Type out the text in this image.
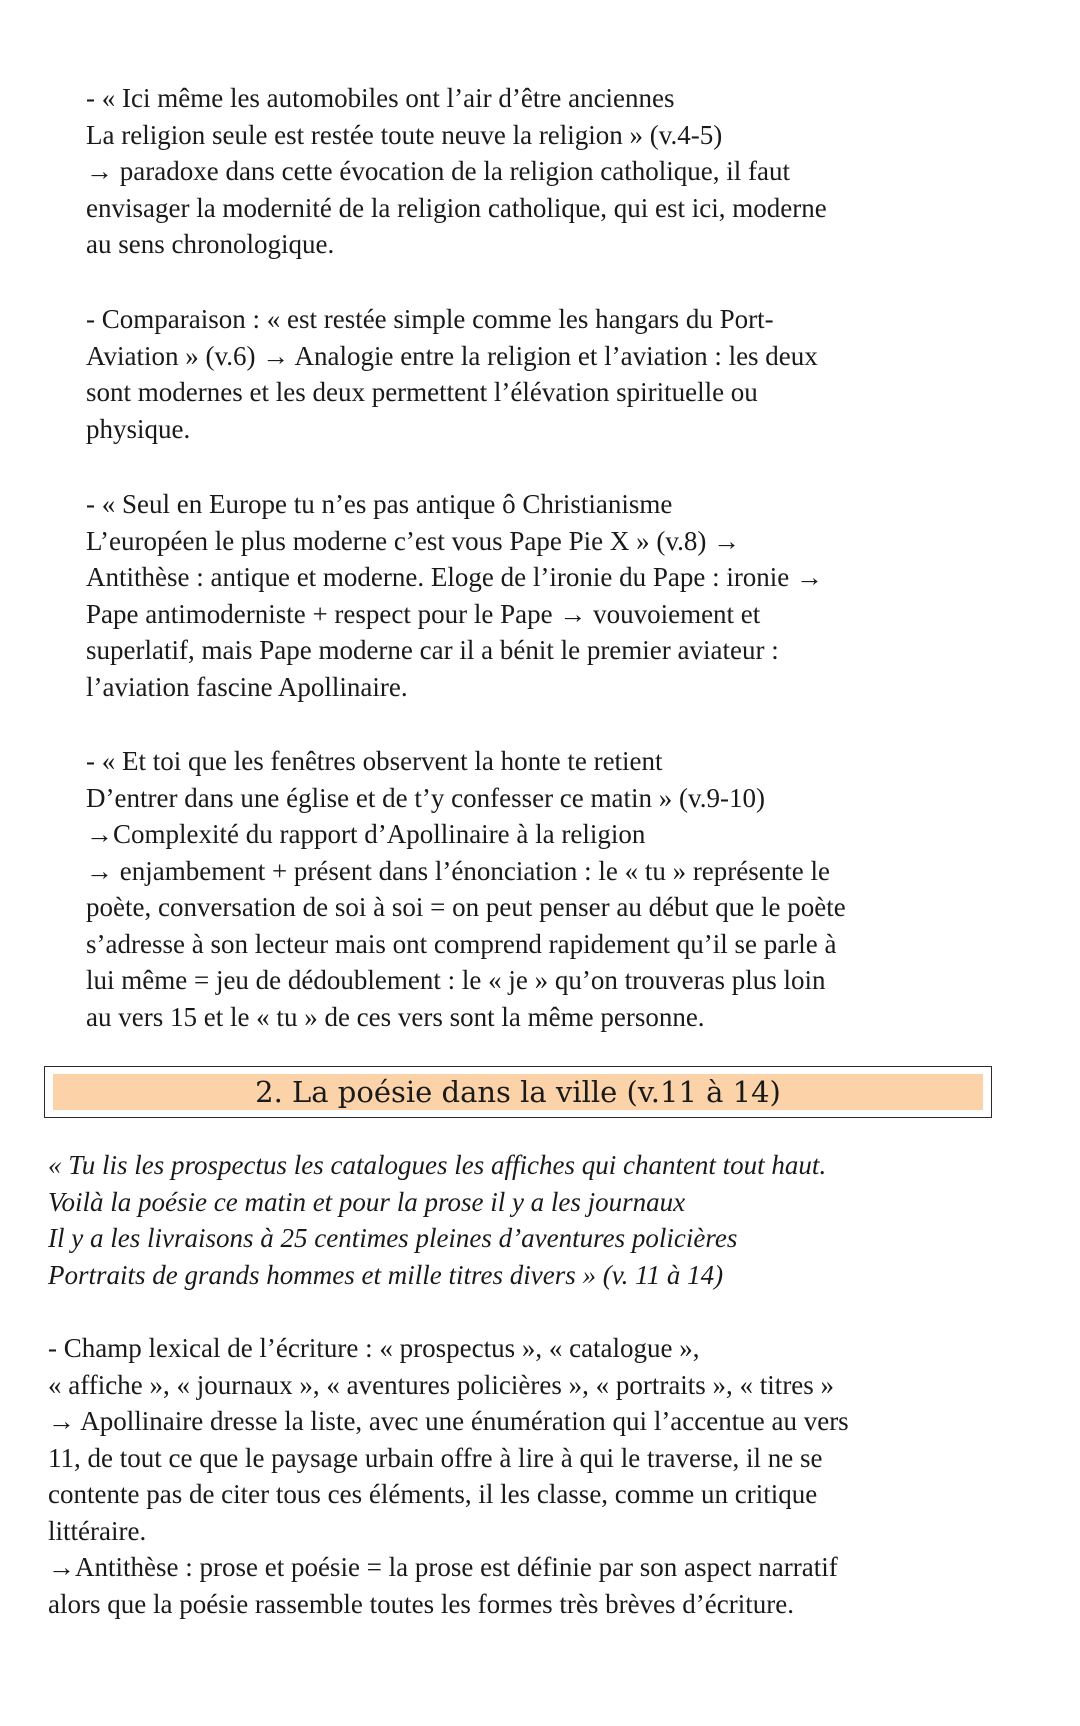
- « Ici même les automobiles ont l’air d’être anciennes

La religion seule est restée toute neuve la religion » (v.4-5)

→ paradoxe dans cette évocation de la religion catholique, il faut

envisager la modernité de la religion catholique, qui est ici, moderne

au sens chronologique.

- Comparaison : « est restée simple comme les hangars du Port-

Aviation » (v.6) → Analogie entre la religion et l’aviation : les deux

sont modernes et les deux permettent l’élévation spirituelle ou

physique.

- « Seul en Europe tu n’es pas antique ô Christianisme

L’européen le plus moderne c’est vous Pape Pie X » (v.8) →

Antithèse : antique et moderne. Eloge de l’ironie du Pape : ironie →

Pape antimoderniste + respect pour le Pape → vouvoiement et

superlatif, mais Pape moderne car il a bénit le premier aviateur :

l’aviation fascine Apollinaire.

- « Et toi que les fenêtres observent la honte te retient

D’entrer dans une église et de t’y confesser ce matin » (v.9-10)

→Complexité du rapport d’Apollinaire à la religion

→ enjambement + présent dans l’énonciation : le « tu » représente le

poète, conversation de soi à soi = on peut penser au début que le poète

s’adresse à son lecteur mais ont comprend rapidement qu’il se parle à

lui même = jeu de dédoublement : le « je » qu’on trouveras plus loin

au vers 15 et le « tu » de ces vers sont la même personne.

2. La poésie dans la ville (v.11 à 14)

« Tu lis les prospectus les catalogues les affiches qui chantent tout haut.

Voilà la poésie ce matin et pour la prose il y a les journaux

Il y a les livraisons à 25 centimes pleines d’aventures policières

Portraits de grands hommes et mille titres divers » (v. 11 à 14)

- Champ lexical de l’écriture : « prospectus », « catalogue »,

« affiche », « journaux », « aventures policières », « portraits », « titres »

→ Apollinaire dresse la liste, avec une énumération qui l’accentue au vers

11, de tout ce que le paysage urbain offre à lire à qui le traverse, il ne se

contente pas de citer tous ces éléments, il les classe, comme un critique

littéraire.

→Antithèse : prose et poésie = la prose est définie par son aspect narratif

alors que la poésie rassemble toutes les formes très brèves d’écriture.
